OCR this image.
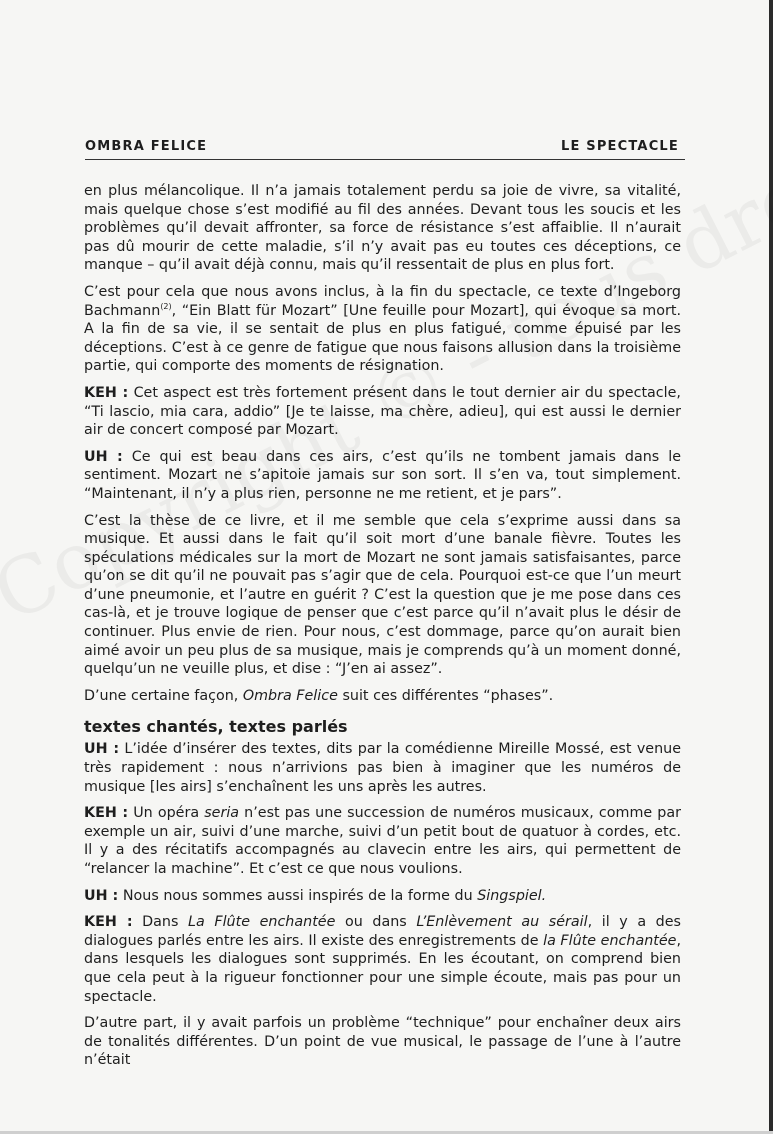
OMBRA FELICE	LE SPECTACLE

en plus mélancolique. Il n’a jamais totalement perdu sa joie de vivre, sa vitalité, mais quelque chose s’est modifié au fil des années. Devant tous les soucis et les problèmes qu’il devait affronter, sa force de résistance s’est affaiblie. Il n’aurait pas dû mourir de cette maladie, s’il n’y avait pas eu toutes ces déceptions, ce manque – qu’il avait déjà connu, mais qu’il ressentait de plus en plus fort.

C’est pour cela que nous avons inclus, à la fin du spectacle, ce texte d’Ingeborg Bachmann$^{(2)}$, “Ein Blatt für Mozart” [Une feuille pour Mozart], qui évoque sa mort. A la fin de sa vie, il se sentait de plus en plus fatigué, comme épuisé par les déceptions. C’est à ce genre de fatigue que nous faisons allusion dans la troisième partie, qui comporte des moments de résignation.

KEH : Cet aspect est très fortement présent dans le tout dernier air du spectacle, “Ti lascio, mia cara, addio” [Je te laisse, ma chère, adieu], qui est aussi le dernier air de concert composé par Mozart.

UH : Ce qui est beau dans ces airs, c’est qu’ils ne tombent jamais dans le sentiment. Mozart ne s’apitoie jamais sur son sort. Il s’en va, tout simplement. “Maintenant, il n’y a plus rien, personne ne me retient, et je pars”.

C’est la thèse de ce livre, et il me semble que cela s’exprime aussi dans sa musique. Et aussi dans le fait qu’il soit mort d’une banale fièvre. Toutes les spéculations médicales sur la mort de Mozart ne sont jamais satisfaisantes, parce qu’on se dit qu’il ne pouvait pas s’agir que de cela. Pourquoi est-ce que l’un meurt d’une pneumonie, et l’autre en guérit ? C’est la question que je me pose dans ces cas-là, et je trouve logique de penser que c’est parce qu’il n’avait plus le désir de continuer. Plus envie de rien. Pour nous, c’est dommage, parce qu’on aurait bien aimé avoir un peu plus de sa musique, mais je comprends qu’à un moment donné, quelqu’un ne veuille plus, et dise : “J’en ai assez”.

D’une certaine façon, Ombra Felice suit ces différentes “phases”.

textes chantés, textes parlés

UH : L’idée d’insérer des textes, dits par la comédienne Mireille Mossé, est venue très rapidement : nous n’arrivions pas bien à imaginer que les numéros de musique [les airs] s’enchaînent les uns après les autres.

KEH : Un opéra seria n’est pas une succession de numéros musicaux, comme par exemple un air, suivi d’une marche, suivi d’un petit bout de quatuor à cordes, etc. Il y a des récitatifs accompagnés au clavecin entre les airs, qui permettent de “relancer la machine”. Et c’est ce que nous voulions.

UH : Nous nous sommes aussi inspirés de la forme du Singspiel.

KEH : Dans La Flûte enchantée ou dans L’Enlèvement au sérail, il y a des dialogues parlés entre les airs. Il existe des enregistrements de la Flûte enchantée, dans lesquels les dialogues sont supprimés. En les écoutant, on comprend bien que cela peut à la rigueur fonctionner pour une simple écoute, mais pas pour un spectacle.

D’autre part, il y avait parfois un problème “technique” pour enchaîner deux airs de tonalités différentes. D’un point de vue musical, le passage de l’une à l’autre n’était
